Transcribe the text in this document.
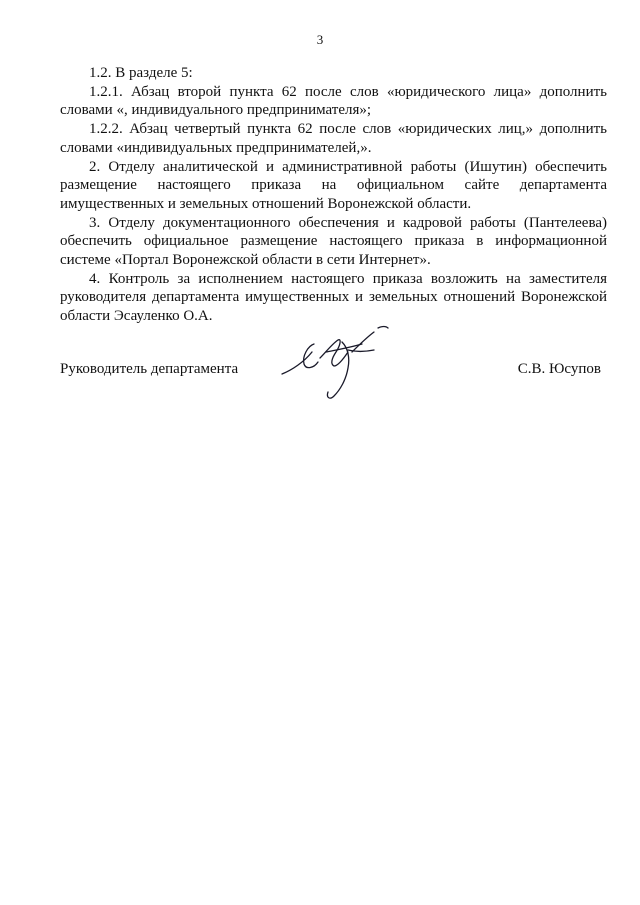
3

1.2. В разделе 5:

1.2.1. Абзац второй пункта 62 после слов «юридического лица» дополнить словами «, индивидуального предпринимателя»;

1.2.2. Абзац четвертый пункта 62 после слов «юридических лиц,» дополнить словами «индивидуальных предпринимателей,».

2. Отделу аналитической и административной работы (Ишутин) обеспечить размещение настоящего приказа на официальном сайте департамента имущественных и земельных отношений Воронежской области.

3. Отделу документационного обеспечения и кадровой работы (Пантелеева) обеспечить официальное размещение настоящего приказа в информационной системе «Портал Воронежской области в сети Интернет».

4. Контроль за исполнением настоящего приказа возложить на заместителя руководителя департамента имущественных и земельных отношений Воронежской области Эсауленко О.А.

Руководитель департамента	С.В. Юсупов
